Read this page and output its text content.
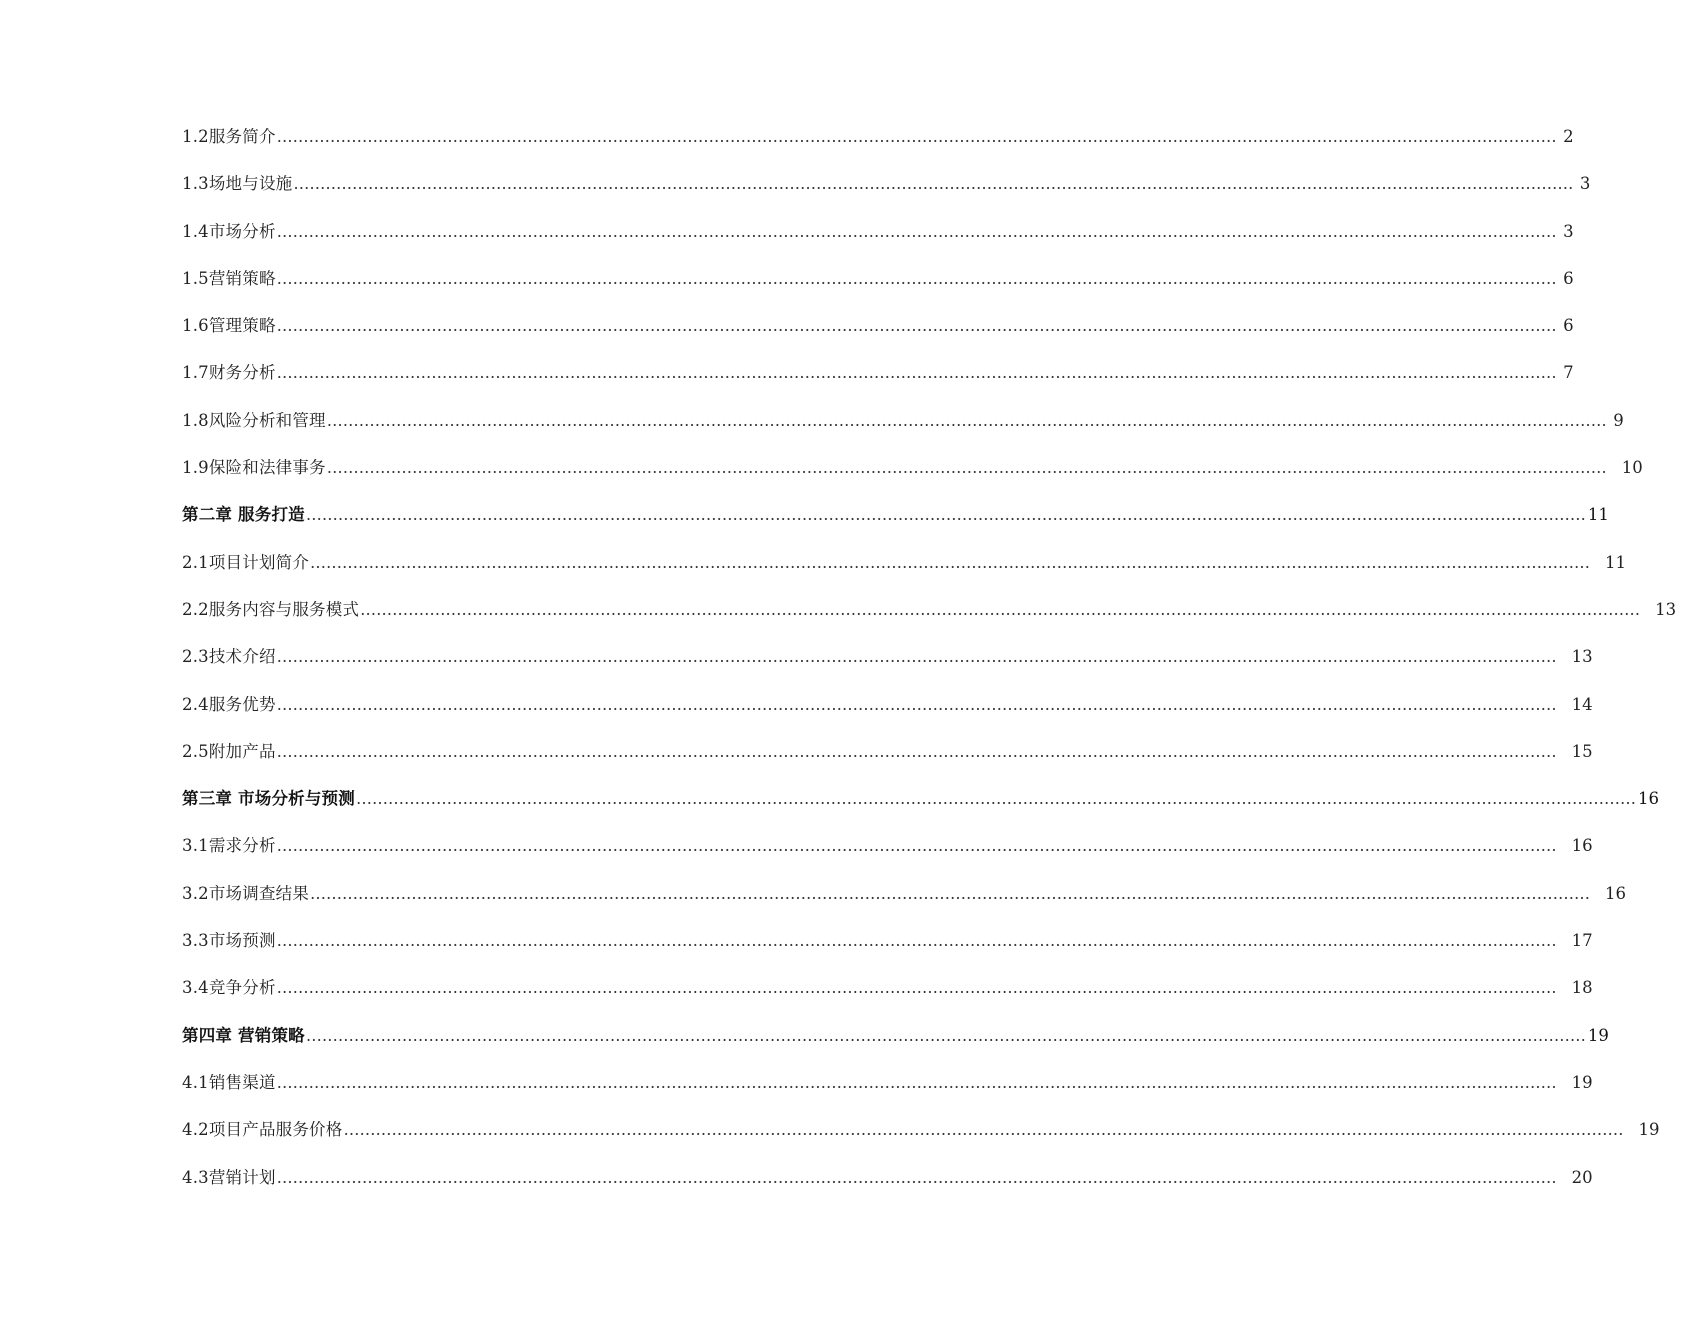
1.2服务简介 …………………………………………………………………………………………………………………………………………………………………………………………………………………… 2
1.3场地与设施 …………………………………………………………………………………………………………………………………………………………………………………………………………………… 3
1.4市场分析 …………………………………………………………………………………………………………………………………………………………………………………………………………………… 3
1.5营销策略 …………………………………………………………………………………………………………………………………………………………………………………………………………………… 6
1.6管理策略 …………………………………………………………………………………………………………………………………………………………………………………………………………………… 6
1.7财务分析 …………………………………………………………………………………………………………………………………………………………………………………………………………………… 7
1.8风险分析和管理 …………………………………………………………………………………………………………………………………………………………………………………………………………………… 9
1.9保险和法律事务 …………………………………………………………………………………………………………………………………………………………………………………………………………………… 10
第二章 服务打造 …………………………………………………………………………………………………………………………………………………………………………………………………………………… 11
2.1项目计划简介 …………………………………………………………………………………………………………………………………………………………………………………………………………………… 11
2.2服务内容与服务模式 …………………………………………………………………………………………………………………………………………………………………………………………………………………… 13
2.3技术介绍 …………………………………………………………………………………………………………………………………………………………………………………………………………………… 13
2.4服务优势 …………………………………………………………………………………………………………………………………………………………………………………………………………………… 14
2.5附加产品 …………………………………………………………………………………………………………………………………………………………………………………………………………………… 15
第三章 市场分析与预测 …………………………………………………………………………………………………………………………………………………………………………………………………………………… 16
3.1需求分析 …………………………………………………………………………………………………………………………………………………………………………………………………………………… 16
3.2市场调查结果 …………………………………………………………………………………………………………………………………………………………………………………………………………………… 16
3.3市场预测 …………………………………………………………………………………………………………………………………………………………………………………………………………………… 17
3.4竞争分析 …………………………………………………………………………………………………………………………………………………………………………………………………………………… 18
第四章 营销策略 …………………………………………………………………………………………………………………………………………………………………………………………………………………… 19
4.1销售渠道 …………………………………………………………………………………………………………………………………………………………………………………………………………………… 19
4.2项目产品服务价格 …………………………………………………………………………………………………………………………………………………………………………………………………………………… 19
4.3营销计划 …………………………………………………………………………………………………………………………………………………………………………………………………………………… 20
